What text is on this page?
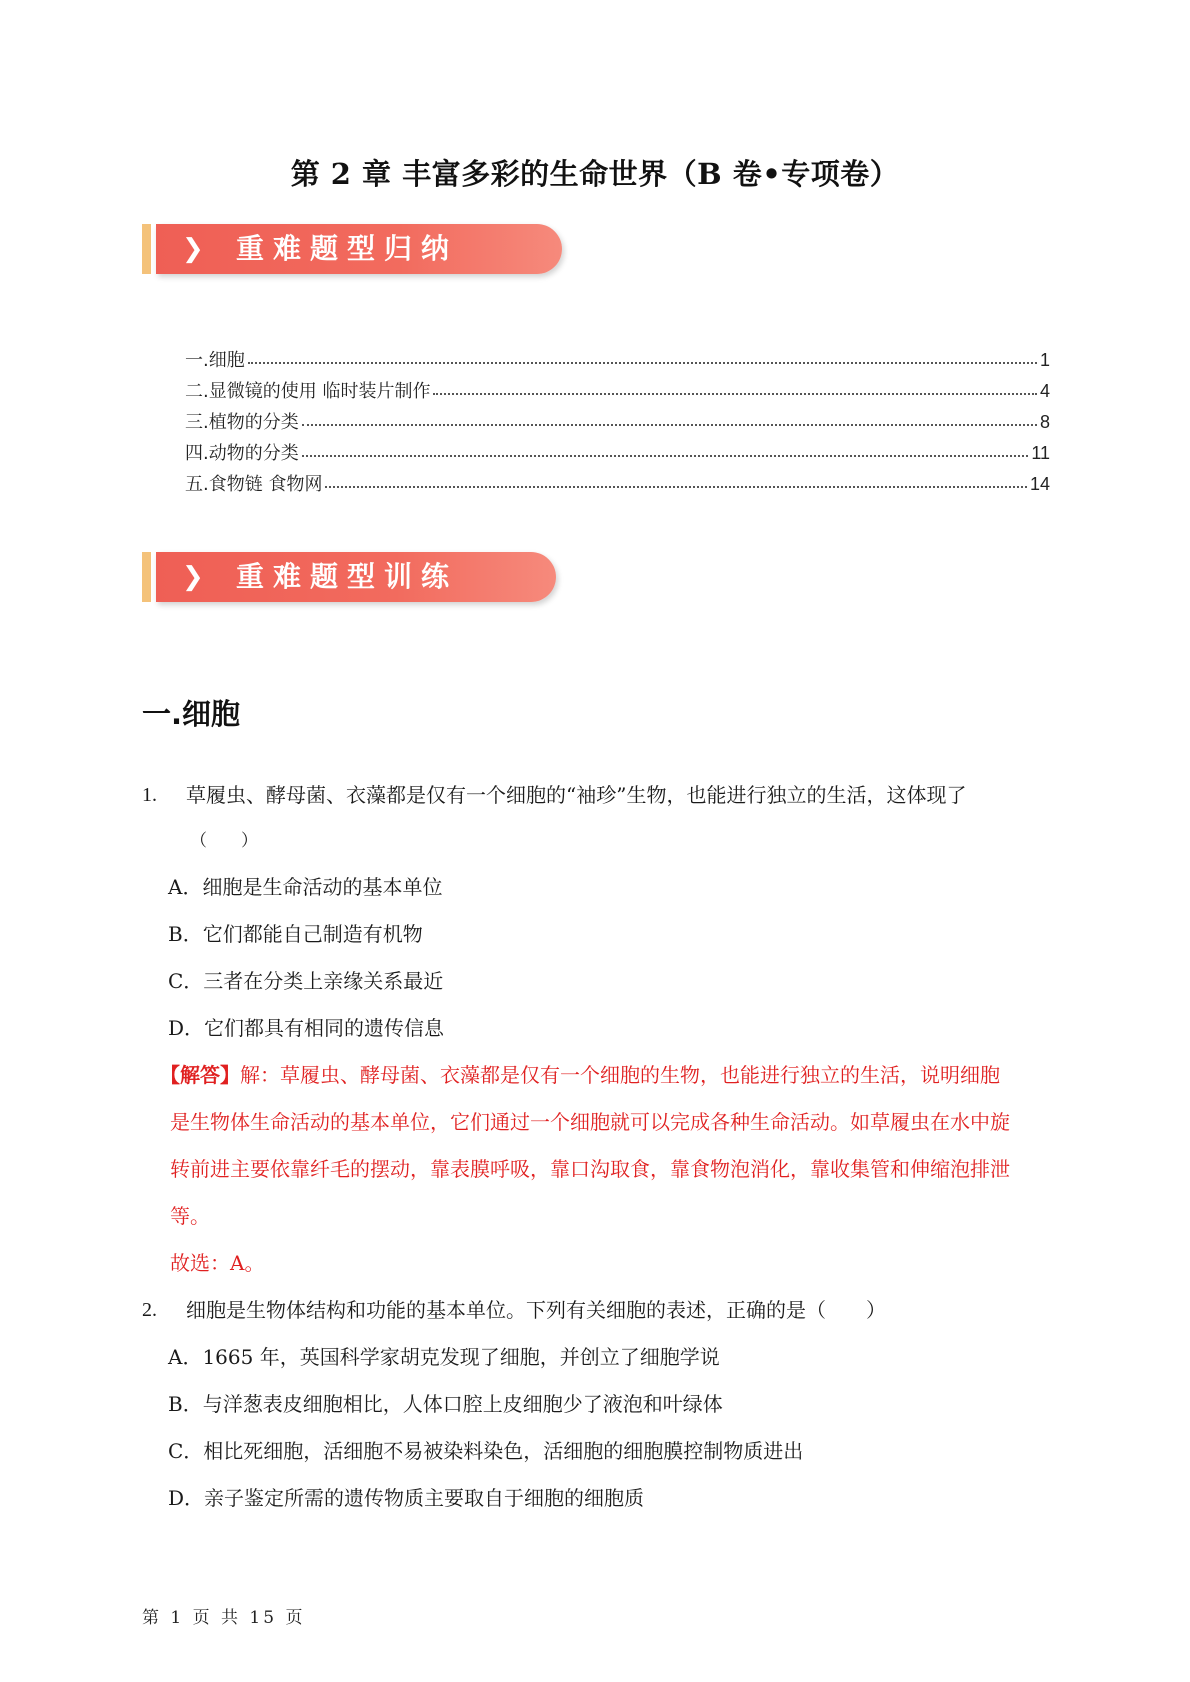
第 2 章 丰富多彩的生命世界（B 卷•专项卷）
❯ 重难题型归纳
一.细胞	1
二.显微镜的使用 临时装片制作	4
三.植物的分类	8
四.动物的分类	11
五.食物链 食物网	14
❯ 重难题型训练
一.细胞
1. 草履虫、酵母菌、衣藻都是仅有一个细胞的“袖珍”生物，也能进行独立的生活，这体现了
（　　）
A．细胞是生命活动的基本单位
B．它们都能自己制造有机物
C．三者在分类上亲缘关系最近
D．它们都具有相同的遗传信息
【解答】解：草履虫、酵母菌、衣藻都是仅有一个细胞的生物，也能进行独立的生活，说明细胞
是生物体生命活动的基本单位，它们通过一个细胞就可以完成各种生命活动。如草履虫在水中旋
转前进主要依靠纤毛的摆动，靠表膜呼吸，靠口沟取食，靠食物泡消化，靠收集管和伸缩泡排泄
等。
故选：A。
2. 细胞是生物体结构和功能的基本单位。下列有关细胞的表述，正确的是（　　）
A．1665 年，英国科学家胡克发现了细胞，并创立了细胞学说
B．与洋葱表皮细胞相比，人体口腔上皮细胞少了液泡和叶绿体
C．相比死细胞，活细胞不易被染料染色，活细胞的细胞膜控制物质进出
D．亲子鉴定所需的遗传物质主要取自于细胞的细胞质
第 1 页 共 15 页
